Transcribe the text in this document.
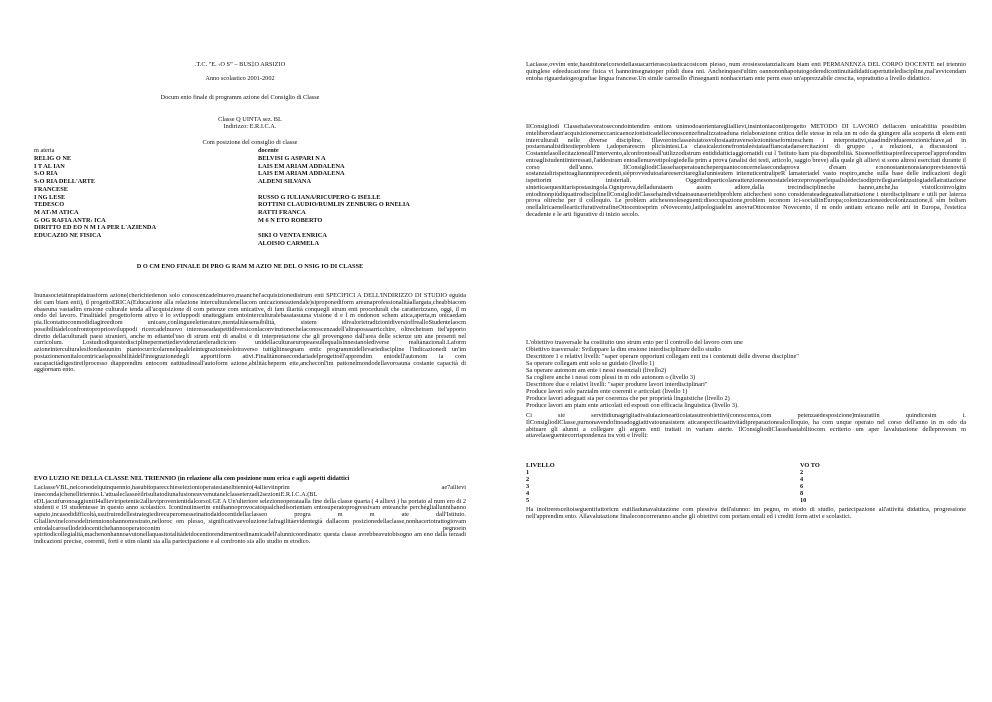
.T.C. "E. ‹O S” – BUS‡O ARSIZIO
Anno scolastico 2001-2002
Docum ento finale di programm azione del Consiglio di Classe
Classe Q UINTA sez. BL
Indirizzo: E.R.I.C.A.
Com posizione del consiglio di classe
m ateria	docente
RELIG O NE	BELVISI G ASPARI N A
I T AL IAN	LAIS EM ARIAM ADDALENA
S‹O RIA	LAIS EM ARIAM ADDALENA
S‹O RIA DELL'ARTE	ALDENI SILVANA
FRANCESE
I NG LESE	RUSSO G IULIANA/RICUPERO G ISELLE
TEDESCO	ROTTINI CLAUDIO/RUMLIN ZENBURG O RNELIA
M AT‹M ATICA	RATTI FRANCA
G OG RAFIA ANTR‹ ICA	M 6 N ETO ROBERTO
DIRITTO ED EO N M I A PER L'AZIENDA
EDUCAZIO NE FISICA	SIKI O VENTA ENRICA
ALOISIO CARMELA
D O CM ENO FINALE DI PRO G RAM M AZIO NE DEL O NSIG IO DI CLASSE

Inunasocietàinrapidatrasform azione(cherichiedenon solo conoscenzadelnuovo,maanchel'acquisizionedistrum enti SPECIFICI A DELL'INDIRIZZO DI STUDIO eguida dei cam biam enti), il progettoERICA(Educazione alla relazione interculturalenellacom unicazioneaziendale)siproponediform areunaprofessionalitàallargata,cheabbiacom ebaseuna vastadim ensione culturale tenda all'acquisizione di com petenze com unicative, di fam iliarità conquegli strum enti procedurali che caratterizzano, oggi, il m ondo del lavoro. Finalitàdel progettoform ativo è lo sviluppodi unatteggiam entointerculturalebasatasuuna visione d e l m ondonon schem atica,aperta,m onicaedam pia.Ilcontattoconmodidiagireediom unicare,conlingueeletterature,mentalitàesensibilità, sistem idivalorietradizionidiversioffrealloStudentelaocm possibilitàdelconfrontopropriosviluppodi ricercadelnuovo interesseadaspettidiversiconlaconvinzionechelaconoscenzadell'altrapossaarricchire, oltrechetram itel'apporto diretto dellaculturadi paesi stranieri, anche m ediantel'uso di strum enti di analisi e di interpretazione che gli provengono dall'area delle scienze um ane presenti nel curricolum. Lostudiodiquestedisciplinepermettedievidenziareleradicicom unidellaculturaeuropeaesullequalisinnestanolediverse realtànazionali.Laform azioneinterculturalesifondasuunim piantocurricolarenelqualeleintegrazioneèolotraverso tuttigliinsegnam entic programmidellevariediscipline l'indicazionedi un'im postazionenonitalocentricaelapossibilitàdell'integrazionedegli apportiform ativi.Finalitànonsecondariadelprogettoèl'apprendim entodell'autonom ia com eacapacitàdigestireilprocesso diapprendim entocom eattitudineall'autoform azione,abilitàcheperm ette,ancheconl'im pattonelmondodellavoroauna costante capacità di aggiornam ento.

EVO LUZIO NE DELLA CLASSE NEL TRIENNIO (in relazione alla com posizione num erica e agli aspetti didattici

LaclasseVBL,nelcorsodelquinquennio,hasubitoparecchieselezionioperatesianelbiennio(4allieviinprim ae7allievi inseconda)chenelltriennio.L'attualeclasseèilrisultatodiunafusioneavvenutanelclasseterzadi2sezioniE.R.I.C.A.(BL eDL)acuifuronoaggiuntiI4allieviripetentie2allieviprovenientidalcorsoI.GE A Un'ulteriore selezioneoperataalla fine della classe quarta ( 4 allievi ) ha portato al num ero di 2 studenti e 19 studentesse in questo anno scolastico. Icontinuiinserim entihannoprovocatoqualchedisorientam entosuperatoprogressivam enteanche perchégliallunnihanno saputo,incasodidifficoltà,usufruiredellestrategiedirecuperomesseinattodaidocentidellaclasseo progra m m ate dall'Istituto. Gliallievinelcorsodeltriennionohannomostrato,nelloroc om plesso, significativaevoluzione:lafragilitàevidentegià dallacom posizionedellaclasse,nonhacertotrattogiovam entodalcarosellodeidocentichehannooperatoconim pegnoein spiritodicollegialità,machenonhannoavutonellaquasitotalitàdeidocentiorendimentoedinamicadell'alunnicoordinato: questa classe avrebbeavutobisogno am eno dalla terzadi indicazioni precise, coerenti, forti e stim olanti sia alla partecipazione e al confronto sia allo studio m etodico.

Laclasse,ovvim ente,hasubitonelcorsodellasuacarrierascolasticacosicom plesso, num erosiesostanzialicam biam enti PERMANENZA DEL CORPO DOCENTE nel triennio quinglese edeeducazione fisica vi hannoinsegnatoper piùdi duea nni. Ancheinquest'ultim oannononhapotutogoderedicontinuitàdidatticapertuttelediscipline,mal'avvicendam entoha riguardatogeografiae lingua francese.Un simile carosello d'insegnanti nonhacertam ente perm esso un'apprezzabile crescita, soprattutto a livello didattico.

IlConsigliodi Classehalavoratosecondointendim entiom unimodoaorientaregliallievi,insintoniaconilprogetto METODO DI LAVORO dellacom unicabilità possibilm enteliberodaun'acquisizionemeccanicaenozionisticadelleconoscenzefinalizzatoaduna rielaborazione critica delle stesse in rela un m odo da giungere alla scoperta di elem enti interculturali nelle diverse discipline. Illavoroinclasseèstatosvoltosiaattraversolezionitesefornireschem i interpretativi,siaadindividuarenozionichiave,ad in postareanalisiditestieproblem i,adoperarescm plicisintesi.La classicalezionefrontaleèstataaffiancatadaesercitazioni di gruppo , a relazioni, a discussioni . Costantelasollecitazionealll'intervento,alconfrontoeall'utilizzodistrum entididatticiaggiornatidi cui l 'Istituto ham pia disponibilità. Sisonoeffettisapireilrecuperoel'approfondim entoaglistudentiinteressati,l'addestram entoallenuovetipologiedella prim a prova (analisi dei testi, articolo, saggio breve) alla quale gli allievi si sono altresì esercitati durante il corso dell'anno. IlConsigliodiClassehaoperatoancheperquantoconcernelasecondaprova d'esam e:nonostantenonsianoprevistenovità sostanzialirispettoagliannniprecedenti,sièprovvedutoafareesercitaregliaIunnisutem iritenuticentralipeR lamateriadel vasto respiro,anche sulla base delle indicazioni degli ispettorim inisteriali. Oggettodiparticolareattenzionesonostateleterzeprovaperlequalisièdecisodiprivilegiarelatipologiadellatrattazione sinteticaequesitiarispostasingola.Ogniprova,delladurataem assim adiore,dalla trecindisciplineche hanno,anche,ha vistoilcoinvolgim entodinonpiùdiquattrodisciplinellConsigliodiClassehaindividuatoaunaserieidiproblem atichechesi sono considerateadeguateallatrattazione i nterdisciplinare e utili per laterza prova oltreche per il colloquio. Le problem atichesonoleseguenti:disoccupazione,problem ieconom ici-socialiinEuropa;colonizzazioneedecolonizzazione,il sim bolism onellaliricaenellearticifurativetrafineOttocentoeprim oNovecento,latipologiadelm anovraOttocentoe Novecento, il m ondo antiam ericano nelle arti in Europa, l'estetica decadente e le arti figurative di inizio secolo.

L'obiettivo trasversale ha costituito uno strum ento per il controllo del lavoro com une
Obiettivo trasversale: Sviluppare la dim ensione interdisciplinare dello studio
Descrittore 1 e relativi livelli: "saper operare opportuni collegam enti tra i contenuti delle diverse discipline"
Sa operare collegam enti solo se guidato (livello 1)
Sa operare autonom am ente i nessi essenziali (livello2)
Sa cogliere anche i nessi com plessi in m odo autonom o (livello 3)
Descrittore due e relativi livelli: "saper produrre lavori interdisciplinari"
Produce lavori solo parzialm ente coerenti e articolati (livello 1)
Produce lavori adeguati sia per coerenza che per proprietà linguistiche (livello 2)
Produce lavori am piam ente articolati ed esposti con efficacia linguistica (livello 3).

Ci siè servitidiunagrigliadivalutazionearticolatasutreobiettivi(conoscenza,com petenzaedesposizione)misuratiin quindicesim i. IlConsigliodiClasse,purnonavendofinoadoggiattivatounasistem aticaespecificaattivitàdipreparazionealcolloquio, ha com unque operato nel corso dell'anno in m odo da abituare gli alunni a collegare gli argom enti trattati in variam aterie. IlConsigliodiClassehastabilitocom ecriterio um aper lavalutazione delleprovesm m atiavelaseguentecorrispondenza tra voti e livelli:

LIVELLO	VO TO
1	2
2	4
3	6
4	8
5	10

Ha inoltreresceltoiseguentifattoricm eutiliadunavalutazione com plessiva dell'alunno: im pegno, m etodo di studio, partecipazione all'attività didattica, progressione nell'apprendim ento. Allavalutazione finaleconcorreranno anche gli obiettivi com portam entali ed i crediti form ativi e scolastici.
